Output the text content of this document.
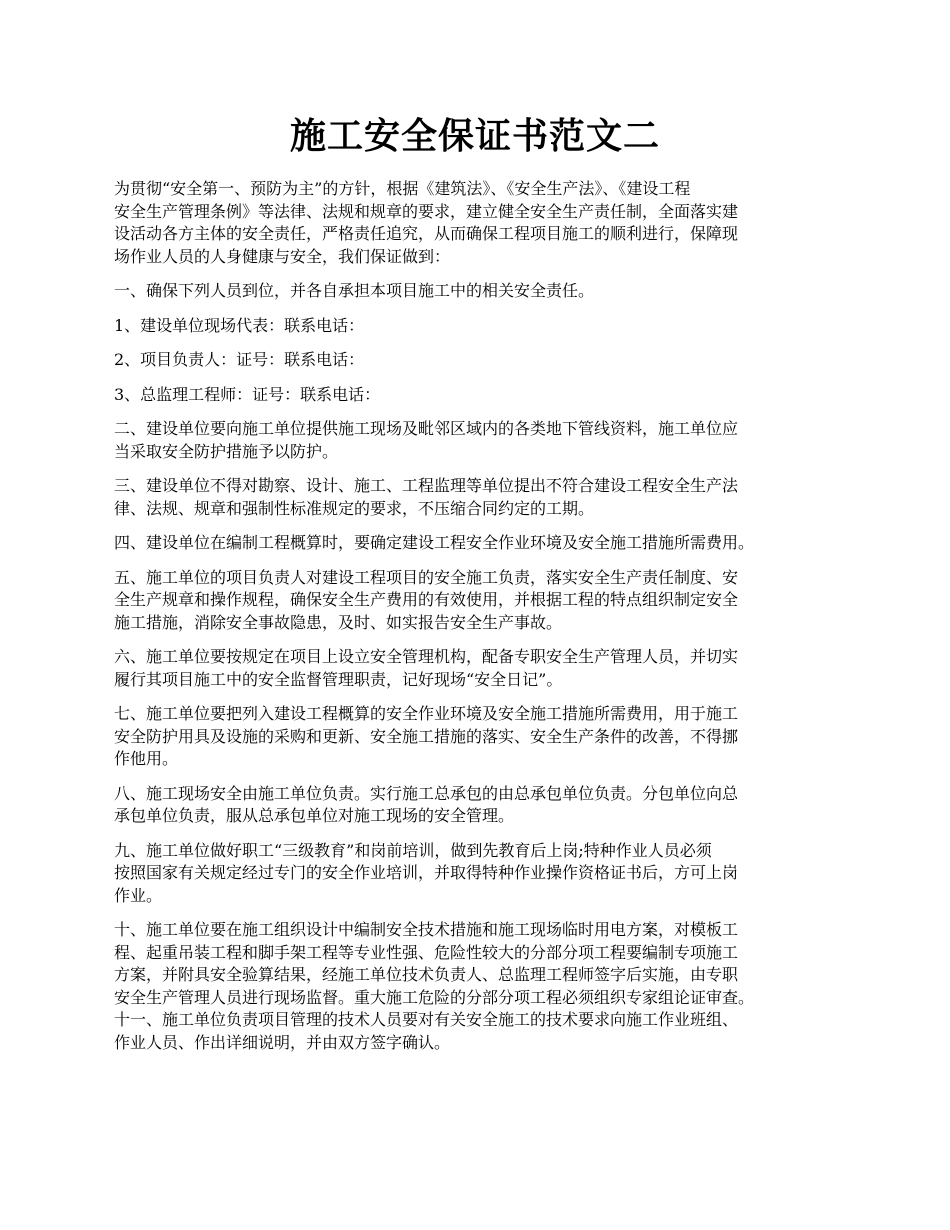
施工安全保证书范文二

为贯彻“安全第一、预防为主”的方针，根据《建筑法》、《安全生产法》、《建设工程
安全生产管理条例》等法律、法规和规章的要求，建立健全安全生产责任制，全面落实建
设活动各方主体的安全责任，严格责任追究，从而确保工程项目施工的顺利进行，保障现
场作业人员的人身健康与安全，我们保证做到：

一、确保下列人员到位，并各自承担本项目施工中的相关安全责任。

1、建设单位现场代表：联系电话：

2、项目负责人：证号：联系电话：

3、总监理工程师：证号：联系电话：

二、建设单位要向施工单位提供施工现场及毗邻区域内的各类地下管线资料，施工单位应
当采取安全防护措施予以防护。

三、建设单位不得对勘察、设计、施工、工程监理等单位提出不符合建设工程安全生产法
律、法规、规章和强制性标准规定的要求，不压缩合同约定的工期。

四、建设单位在编制工程概算时，要确定建设工程安全作业环境及安全施工措施所需费用。

五、施工单位的项目负责人对建设工程项目的安全施工负责，落实安全生产责任制度、安
全生产规章和操作规程，确保安全生产费用的有效使用，并根据工程的特点组织制定安全
施工措施，消除安全事故隐患，及时、如实报告安全生产事故。

六、施工单位要按规定在项目上设立安全管理机构，配备专职安全生产管理人员，并切实
履行其项目施工中的安全监督管理职责，记好现场“安全日记”。

七、施工单位要把列入建设工程概算的安全作业环境及安全施工措施所需费用，用于施工
安全防护用具及设施的采购和更新、安全施工措施的落实、安全生产条件的改善，不得挪
作他用。

八、施工现场安全由施工单位负责。实行施工总承包的由总承包单位负责。分包单位向总
承包单位负责，服从总承包单位对施工现场的安全管理。

九、施工单位做好职工“三级教育”和岗前培训，做到先教育后上岗;特种作业人员必须
按照国家有关规定经过专门的安全作业培训，并取得特种作业操作资格证书后，方可上岗
作业。

十、施工单位要在施工组织设计中编制安全技术措施和施工现场临时用电方案，对模板工
程、起重吊装工程和脚手架工程等专业性强、危险性较大的分部分项工程要编制专项施工
方案，并附具安全验算结果，经施工单位技术负责人、总监理工程师签字后实施，由专职
安全生产管理人员进行现场监督。重大施工危险的分部分项工程必须组织专家组论证审查。

十一、施工单位负责项目管理的技术人员要对有关安全施工的技术要求向施工作业班组、
作业人员、作出详细说明，并由双方签字确认。
